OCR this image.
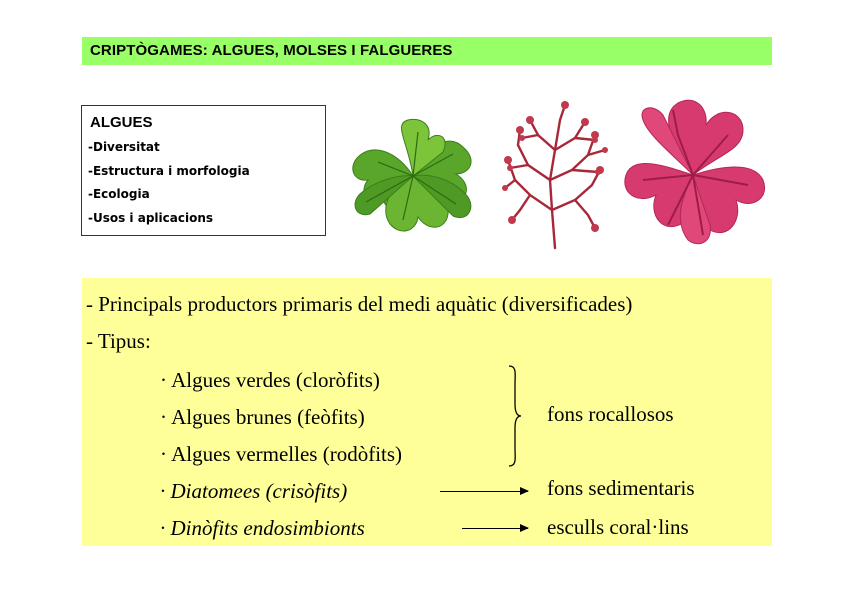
CRIPTÒGAMES: ALGUES, MOLSES I FALGUERES
ALGUES
-Diversitat
-Estructura i morfologia
-Ecologia
-Usos i aplicacions
- Principals productors primaris del medi aquàtic (diversificades)
- Tipus:
· Algues verdes (cloròfits)
· Algues brunes (feòfits)
· Algues vermelles (rodòfits)
· Diatomees (crisòfits)
· Dinòfits endosimbionts
fons rocallosos
fons sedimentaris
esculls coral·lins
